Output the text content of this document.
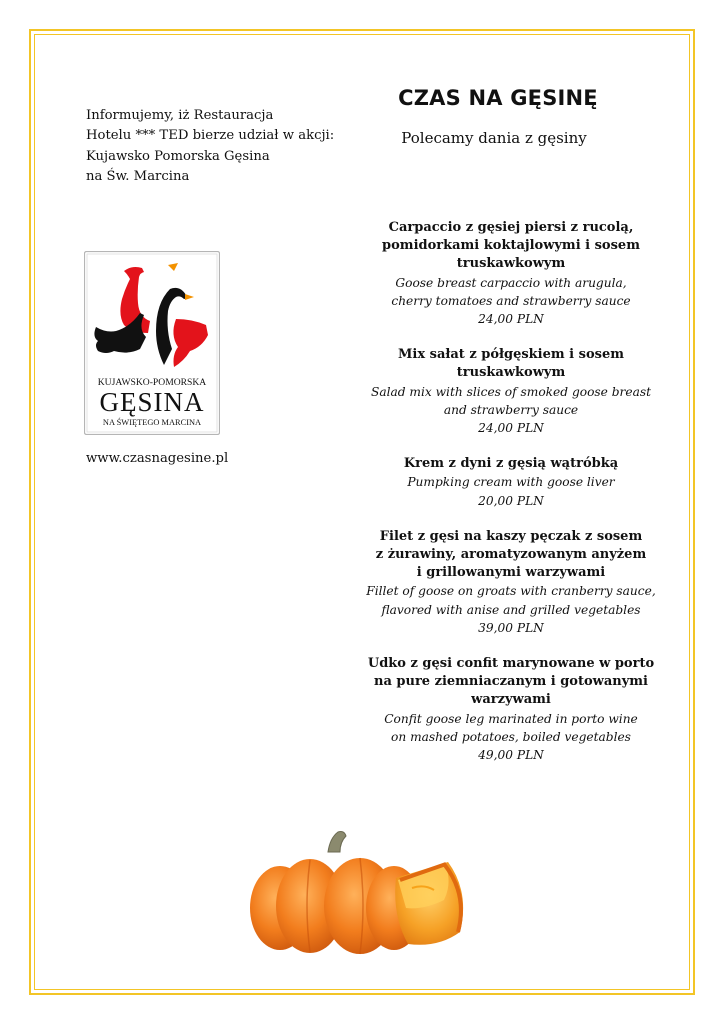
Informujemy, iż Restauracja
Hotelu *** TED bierze udział w akcji:
Kujawsko Pomorska Gęsina
na Św. Marcina
KUJAWSKO-POMORSKA
GĘSINA
NA ŚWIĘTEGO MARCINA
www.czasnagesine.pl
CZAS NA GĘSINĘ
Polecamy dania z gęsiny
Carpaccio z gęsiej piersi z rucolą,
pomidorkami koktajlowymi i sosem
truskawkowym
Goose breast carpaccio with arugula,
cherry tomatoes and strawberry sauce
24,00 PLN
Mix sałat z półgęskiem i sosem
truskawkowym
Salad mix with slices of smoked goose breast
and strawberry sauce
24,00 PLN
Krem z dyni z gęsią wątróbką
Pumpking cream with goose liver
20,00 PLN
Filet z gęsi na kaszy pęczak z sosem
z żurawiny, aromatyzowanym anyżem
i grillowanymi warzywami
Fillet of goose on groats with cranberry sauce,
flavored with anise and grilled vegetables
39,00 PLN
Udko z gęsi confit marynowane w porto
na pure ziemniaczanym i gotowanymi
warzywami
Confit goose leg marinated in porto wine
on mashed potatoes, boiled vegetables
49,00 PLN
